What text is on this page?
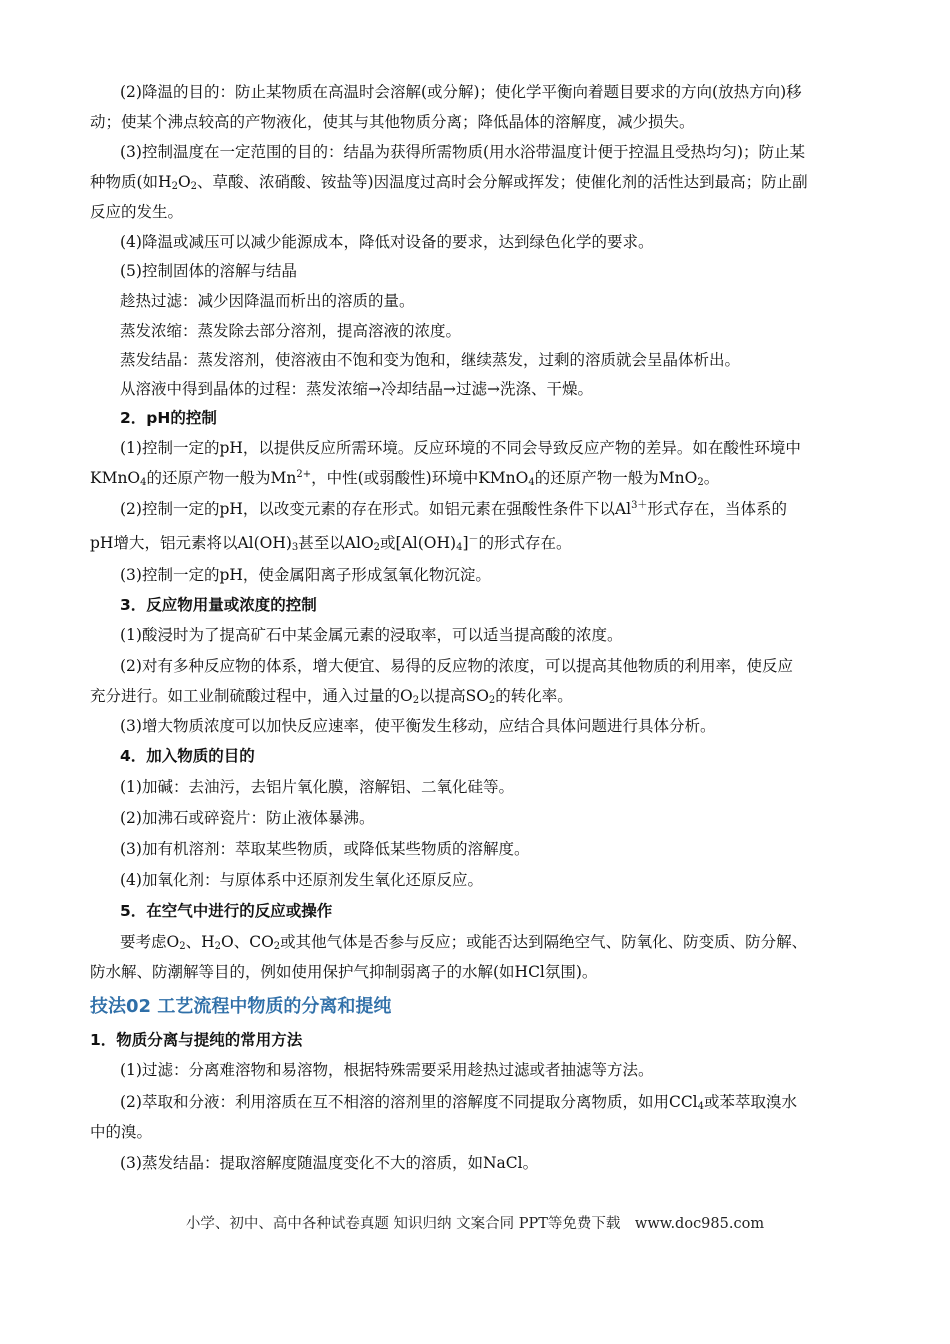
(2)降温的目的：防止某物质在高温时会溶解(或分解)；使化学平衡向着题目要求的方向(放热方向)移
动；使某个沸点较高的产物液化，使其与其他物质分离；降低晶体的溶解度，减少损失。
(3)控制温度在一定范围的目的：结晶为获得所需物质(用水浴带温度计便于控温且受热均匀)；防止某
种物质(如$H_2O_2$、草酸、浓硝酸、铵盐等)因温度过高时会分解或挥发；使催化剂的活性达到最高；防止副
反应的发生。
(4)降温或减压可以减少能源成本，降低对设备的要求，达到绿色化学的要求。
(5)控制固体的溶解与结晶
趁热过滤：减少因降温而析出的溶质的量。
蒸发浓缩：蒸发除去部分溶剂，提高溶液的浓度。
蒸发结晶：蒸发溶剂，使溶液由不饱和变为饱和，继续蒸发，过剩的溶质就会呈晶体析出。
从溶液中得到晶体的过程：蒸发浓缩→冷却结晶→过滤→洗涤、干燥。
2．pH的控制
(1)控制一定的pH，以提供反应所需环境。反应环境的不同会导致反应产物的差异。如在酸性环境中
KMnO$_4$的还原产物一般为$Mn^{2+}$，中性(或弱酸性)环境中KMnO$_4$的还原产物一般为MnO$_2$。
(2)控制一定的pH，以改变元素的存在形式。如铝元素在强酸性条件下以$Al^{3+}$形式存在，当体系的
pH增大，铝元素将以$Al(OH)_3$甚至以AlO$_2$或$[Al(OH)_4]^-$的形式存在。
(3)控制一定的pH，使金属阳离子形成氢氧化物沉淀。
3．反应物用量或浓度的控制
(1)酸浸时为了提高矿石中某金属元素的浸取率，可以适当提高酸的浓度。
(2)对有多种反应物的体系，增大便宜、易得的反应物的浓度，可以提高其他物质的利用率，使反应
充分进行。如工业制硫酸过程中，通入过量的$O_2$以提高$SO_2$的转化率。
(3)增大物质浓度可以加快反应速率，使平衡发生移动，应结合具体问题进行具体分析。
4．加入物质的目的
(1)加碱：去油污，去铝片氧化膜，溶解铝、二氧化硅等。
(2)加沸石或碎瓷片：防止液体暴沸。
(3)加有机溶剂：萃取某些物质，或降低某些物质的溶解度。
(4)加氧化剂：与原体系中还原剂发生氧化还原反应。
5．在空气中进行的反应或操作
要考虑$O_2$、$H_2O$、$CO_2$或其他气体是否参与反应；或能否达到隔绝空气、防氧化、防变质、防分解、
防水解、防潮解等目的，例如使用保护气抑制弱离子的水解(如HCl氛围)。
技法02 工艺流程中物质的分离和提纯
1．物质分离与提纯的常用方法
(1)过滤：分离难溶物和易溶物，根据特殊需要采用趁热过滤或者抽滤等方法。
(2)萃取和分液：利用溶质在互不相溶的溶剂里的溶解度不同提取分离物质，如用CCl$_4$或苯萃取溴水
中的溴。
(3)蒸发结晶：提取溶解度随温度变化不大的溶质，如NaCl。
小学、初中、高中各种试卷真题 知识归纳 文案合同 PPT等免费下载　www.doc985.com
